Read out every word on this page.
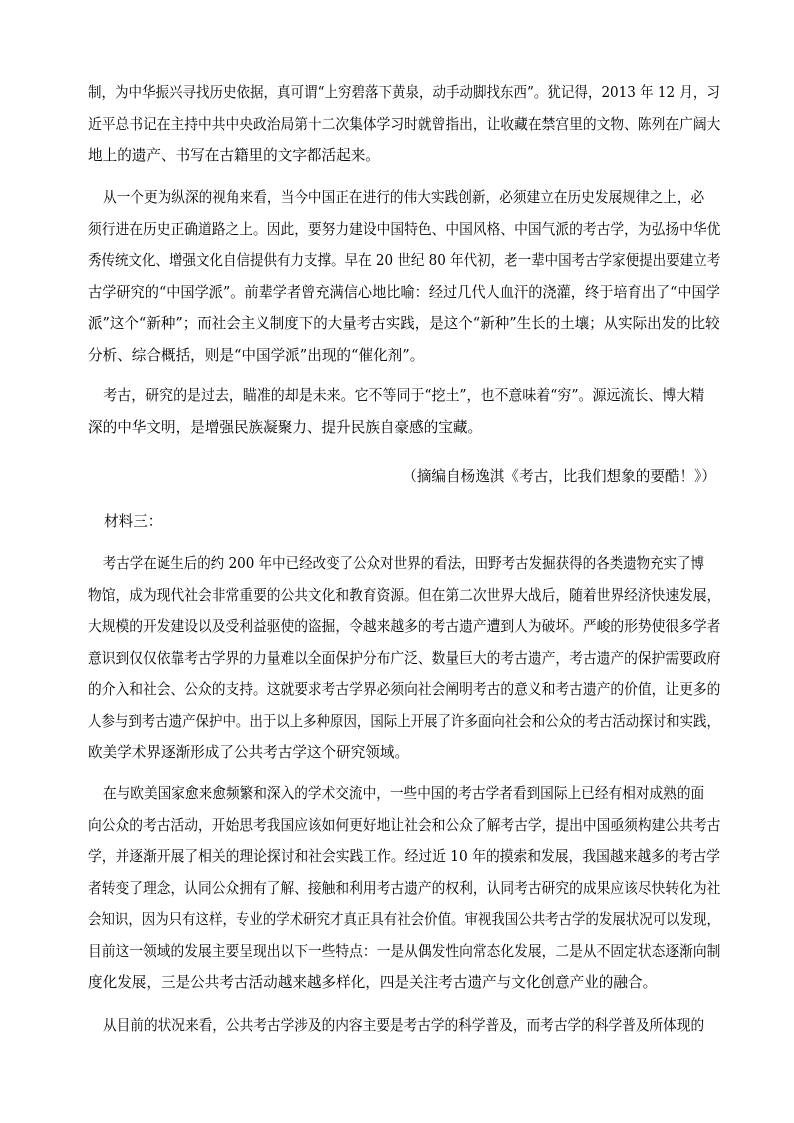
制，为中华振兴寻找历史依据，真可谓“上穷碧落下黄泉，动手动脚找东西”。犹记得，2013 年 12 月，习
近平总书记在主持中共中央政治局第十二次集体学习时就曾指出，让收藏在禁宫里的文物、陈列在广阔大
地上的遗产、书写在古籍里的文字都活起来。
从一个更为纵深的视角来看，当今中国正在进行的伟大实践创新，必须建立在历史发展规律之上，必
须行进在历史正确道路之上。因此，要努力建设中国特色、中国风格、中国气派的考古学，为弘扬中华优
秀传统文化、增强文化自信提供有力支撑。早在 20 世纪 80 年代初，老一辈中国考古学家便提出要建立考
古学研究的“中国学派”。前辈学者曾充满信心地比喻：经过几代人血汗的浇灌，终于培育出了“中国学
派”这个“新种”；而社会主义制度下的大量考古实践，是这个“新种”生长的土壤；从实际出发的比较
分析、综合概括，则是“中国学派”出现的“催化剂”。
考古，研究的是过去，瞄准的却是未来。它不等同于“挖土”，也不意味着“穷”。源远流长、博大精
深的中华文明，是增强民族凝聚力、提升民族自豪感的宝藏。
（摘编自杨逸淇《考古，比我们想象的要酷！》）
材料三：
考古学在诞生后的约 200 年中已经改变了公众对世界的看法，田野考古发掘获得的各类遗物充实了博
物馆，成为现代社会非常重要的公共文化和教育资源。但在第二次世界大战后，随着世界经济快速发展，
大规模的开发建设以及受利益驱使的盗掘，令越来越多的考古遗产遭到人为破坏。严峻的形势使很多学者
意识到仅仅依靠考古学界的力量难以全面保护分布广泛、数量巨大的考古遗产，考古遗产的保护需要政府
的介入和社会、公众的支持。这就要求考古学界必须向社会阐明考古的意义和考古遗产的价值，让更多的
人参与到考古遗产保护中。出于以上多种原因，国际上开展了许多面向社会和公众的考古活动探讨和实践，
欧美学术界逐渐形成了公共考古学这个研究领域。
在与欧美国家愈来愈频繁和深入的学术交流中，一些中国的考古学者看到国际上已经有相对成熟的面
向公众的考古活动，开始思考我国应该如何更好地让社会和公众了解考古学，提出中国亟须构建公共考古
学，并逐渐开展了相关的理论探讨和社会实践工作。经过近 10 年的摸索和发展，我国越来越多的考古学
者转变了理念，认同公众拥有了解、接触和利用考古遗产的权利，认同考古研究的成果应该尽快转化为社
会知识，因为只有这样，专业的学术研究才真正具有社会价值。审视我国公共考古学的发展状况可以发现，
目前这一领域的发展主要呈现出以下一些特点：一是从偶发性向常态化发展，二是从不固定状态逐渐向制
度化发展，三是公共考古活动越来越多样化，四是关注考古遗产与文化创意产业的融合。
从目前的状况来看，公共考古学涉及的内容主要是考古学的科学普及，而考古学的科学普及所体现的
